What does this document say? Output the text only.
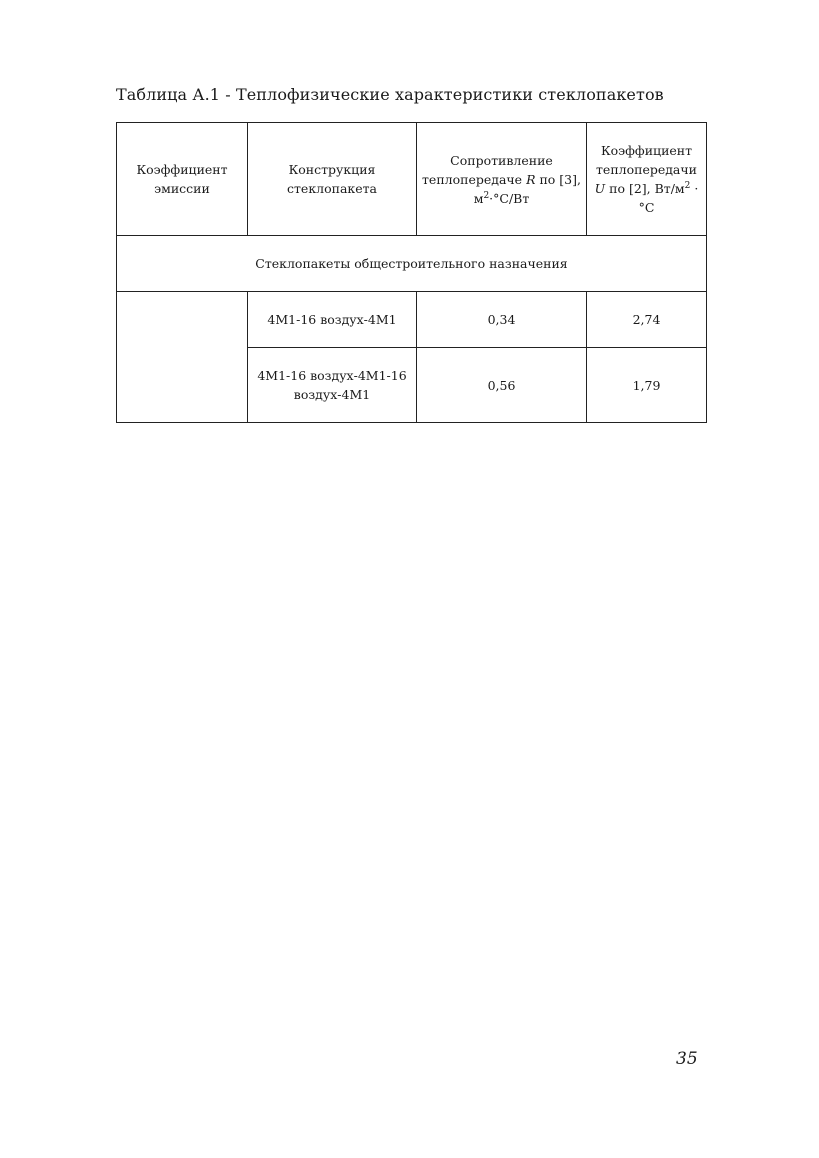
Таблица А.1 - Теплофизические характеристики стеклопакетов
Коэффициент эмиссии	Конструкция стеклопакета	Сопротивление теплопередаче R по [3], $м^2\cdot^\circ С/Вт$	Коэффициент теплопередачи U по [2], $Вт/м^2 \cdot ^\circ С$
Стеклопакеты общестроительного назначения			
	4М1-16 воздух-4М1	0,34	2,74
	4М1-16 воздух-4М1-16 воздух-4М1	0,56	1,79
35
